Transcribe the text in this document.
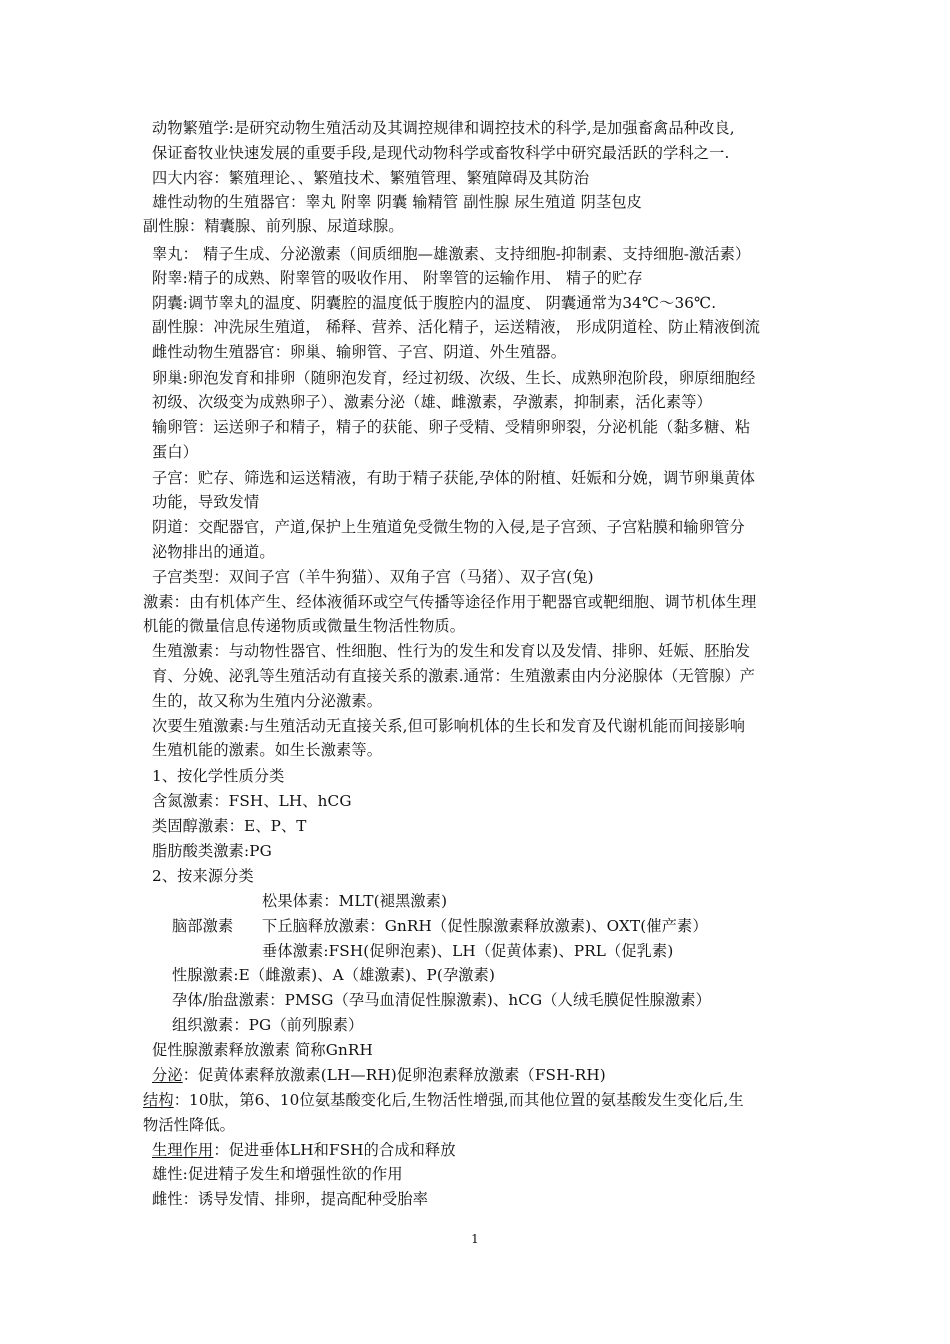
动物繁殖学:是研究动物生殖活动及其调控规律和调控技术的科学,是加强畜禽品种改良,
保证畜牧业快速发展的重要手段,是现代动物科学或畜牧科学中研究最活跃的学科之一.
四大内容：繁殖理论、、繁殖技术、繁殖管理、繁殖障碍及其防治
雄性动物的生殖器官：睾丸 附睾 阴囊 输精管 副性腺 尿生殖道 阴茎包皮
副性腺：精囊腺、前列腺、尿道球腺。
睾丸： 精子生成、分泌激素（间质细胞—雄激素、支持细胞-抑制素、支持细胞-激活素）
附睾:精子的成熟、附睾管的吸收作用、 附睾管的运输作用、 精子的贮存
阴囊:调节睾丸的温度、阴囊腔的温度低于腹腔内的温度、 阴囊通常为34℃～36℃.
副性腺：冲洗尿生殖道， 稀释、营养、活化精子，运送精液， 形成阴道栓、防止精液倒流
雌性动物生殖器官：卵巢、输卵管、子宫、阴道、外生殖器。
卵巢:卵泡发育和排卵（随卵泡发育，经过初级、次级、生长、成熟卵泡阶段，卵原细胞经
初级、次级变为成熟卵子）、激素分泌（雄、雌激素，孕激素，抑制素，活化素等）
输卵管：运送卵子和精子，精子的获能、卵子受精、受精卵卵裂，分泌机能（黏多糖、粘
蛋白）
子宫：贮存、筛选和运送精液，有助于精子获能,孕体的附植、妊娠和分娩，调节卵巢黄体
功能，导致发情
阴道：交配器官，产道,保护上生殖道免受微生物的入侵,是子宫颈、子宫粘膜和输卵管分
泌物排出的通道。
子宫类型：双间子宫（羊牛狗猫）、双角子宫（马猪）、双子宫(兔)
激素：由有机体产生、经体液循环或空气传播等途径作用于靶器官或靶细胞、调节机体生理
机能的微量信息传递物质或微量生物活性物质。
生殖激素：与动物性器官、性细胞、性行为的发生和发育以及发情、排卵、妊娠、胚胎发
育、分娩、泌乳等生殖活动有直接关系的激素.通常：生殖激素由内分泌腺体（无管腺）产
生的，故又称为生殖内分泌激素。
次要生殖激素:与生殖活动无直接关系,但可影响机体的生长和发育及代谢机能而间接影响
生殖机能的激素。如生长激素等。
1、按化学性质分类
含氮激素：FSH、LH、hCG
类固醇激素：E、P、T
脂肪酸类激素:PG
2、按来源分类
松果体素：MLT(褪黑激素)
脑部激素 下丘脑释放激素：GnRH（促性腺激素释放激素)、OXT(催产素）
垂体激素:FSH(促卵泡素)、LH（促黄体素)、PRL（促乳素)
性腺激素:E（雌激素)、A（雄激素)、P(孕激素)
孕体/胎盘激素：PMSG（孕马血清促性腺激素)、hCG（人绒毛膜促性腺激素）
组织激素：PG（前列腺素）
促性腺激素释放激素 简称GnRH
分泌：促黄体素释放激素(LH—RH)促卵泡素释放激素（FSH-RH)
结构：10肽，第6、10位氨基酸变化后,生物活性增强,而其他位置的氨基酸发生变化后,生
物活性降低。
生理作用：促进垂体LH和FSH的合成和释放
雄性:促进精子发生和增强性欲的作用
雌性：诱导发情、排卵，提高配种受胎率
1
